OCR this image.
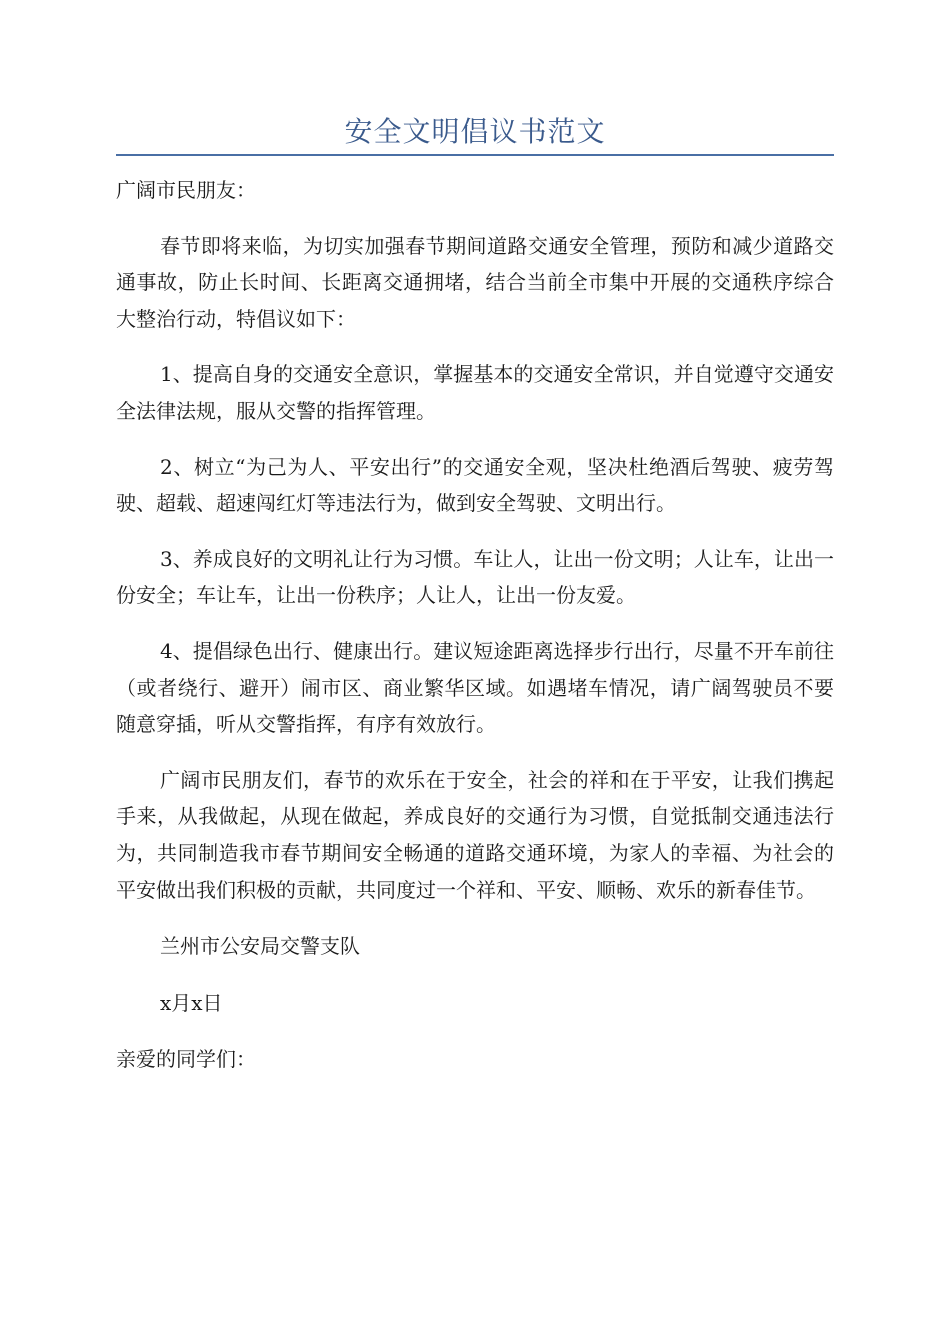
安全文明倡议书范文

广阔市民朋友：

春节即将来临，为切实加强春节期间道路交通安全管理，预防和减少道路交通事故，防止长时间、长距离交通拥堵，结合当前全市集中开展的交通秩序综合大整治行动，特倡议如下：

1、提高自身的交通安全意识，掌握基本的交通安全常识，并自觉遵守交通安全法律法规，服从交警的指挥管理。

2、树立“为己为人、平安出行”的交通安全观，坚决杜绝酒后驾驶、疲劳驾驶、超载、超速闯红灯等违法行为，做到安全驾驶、文明出行。

3、养成良好的文明礼让行为习惯。车让人，让出一份文明；人让车，让出一份安全；车让车，让出一份秩序；人让人，让出一份友爱。

4、提倡绿色出行、健康出行。建议短途距离选择步行出行，尽量不开车前往（或者绕行、避开）闹市区、商业繁华区域。如遇堵车情况，请广阔驾驶员不要随意穿插，听从交警指挥，有序有效放行。

广阔市民朋友们，春节的欢乐在于安全，社会的祥和在于平安，让我们携起手来，从我做起，从现在做起，养成良好的交通行为习惯，自觉抵制交通违法行为，共同制造我市春节期间安全畅通的道路交通环境，为家人的幸福、为社会的平安做出我们积极的贡献，共同度过一个祥和、平安、顺畅、欢乐的新春佳节。

兰州市公安局交警支队

x月x日

亲爱的同学们：
